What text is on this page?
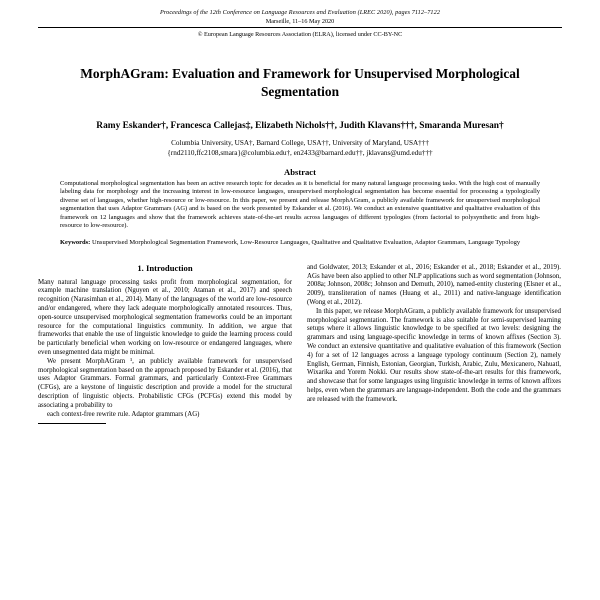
Proceedings of the 12th Conference on Language Resources and Evaluation (LREC 2020), pages 7112–7122
Marseille, 11–16 May 2020
© European Language Resources Association (ELRA), licensed under CC-BY-NC
MorphAGram: Evaluation and Framework for Unsupervised Morphological Segmentation
Ramy Eskander†, Francesca Callejas‡, Elizabeth Nichols††, Judith Klavans†††, Smaranda Muresan†
Columbia University, USA†, Barnard College, USA††, University of Maryland, USA†††
{rnd2110,ffc2108,smara}@columbia.edu†, en2433@barnard.edu††, jklavans@umd.edu†††
Abstract
Computational morphological segmentation has been an active research topic for decades as it is beneficial for many natural language processing tasks. With the high cost of manually labeling data for morphology and the increasing interest in low-resource languages, unsupervised morphological segmentation has become essential for processing a typologically diverse set of languages, whether high-resource or low-resource. In this paper, we present and release MorphAGram, a publicly available framework for unsupervised morphological segmentation that uses Adaptor Grammars (AG) and is based on the work presented by Eskander et al. (2016). We conduct an extensive quantitative and qualitative evaluation of this framework on 12 languages and show that the framework achieves state-of-the-art results across languages of different typologies (from factorial to polysynthetic and from high-resource to low-resource).
Keywords: Unsupervised Morphological Segmentation Framework, Low-Resource Languages, Qualitative and Qualitative Evaluation, Adaptor Grammars, Language Typology
1. Introduction

Many natural language processing tasks profit from morphological segmentation, for example machine translation (Nguyen et al., 2010; Ataman et al., 2017) and speech recognition (Narasimhan et al., 2014). Many of the languages of the world are low-resource and/or endangered, where they lack adequate morphologically annotated resources. Thus, open-source unsupervised morphological segmentation frameworks could be an important resource for the computational linguistics community. In addition, we argue that frameworks that enable the use of linguistic knowledge to guide the learning process could be particularly beneficial when working on low-resource or endangered languages, where even unsegmented data might be minimal.

We present MorphAGram ¹, an publicly available framework for unsupervised morphological segmentation based on the approach proposed by Eskander et al. (2016), that uses Adaptor Grammars. Formal grammars, and particularly Context-Free Grammars (CFGs), are a keystone of linguistic description and provide a model for the structural description of linguistic objects. Probabilistic CFGs (PCFGs) extend this model by associating a probability to

each context-free rewrite rule. Adaptor grammars (AG)

and Goldwater, 2013; Eskander et al., 2016; Eskander et al., 2018; Eskander et al., 2019). AGs have been also applied to other NLP applications such as word segmentation (Johnson, 2008a; Johnson, 2008c; Johnson and Demuth, 2010), named-entity clustering (Elsner et al., 2009), transliteration of names (Huang et al., 2011) and native-language identification (Wong et al., 2012).

In this paper, we release MorphAGram, a publicly available framework for unsupervised morphological segmentation. The framework is also suitable for semi-supervised learning setups where it allows linguistic knowledge to be specified at two levels: designing the grammars and using language-specific knowledge in terms of known affixes (Section 3). We conduct an extensive quantitative and qualitative evaluation of this framework (Section 4) for a set of 12 languages across a language typology continuum (Section 2), namely English, German, Finnish, Estonian, Georgian, Turkish, Arabic, Zulu, Mexicanero, Nahuatl, Wixarika and Yorem Nokki. Our results show state-of-the-art results for this framework, and showcase that for some languages using linguistic knowledge in terms of known affixes helps, even when the grammars are language-independent. Both the code and the grammars are released with the framework.
